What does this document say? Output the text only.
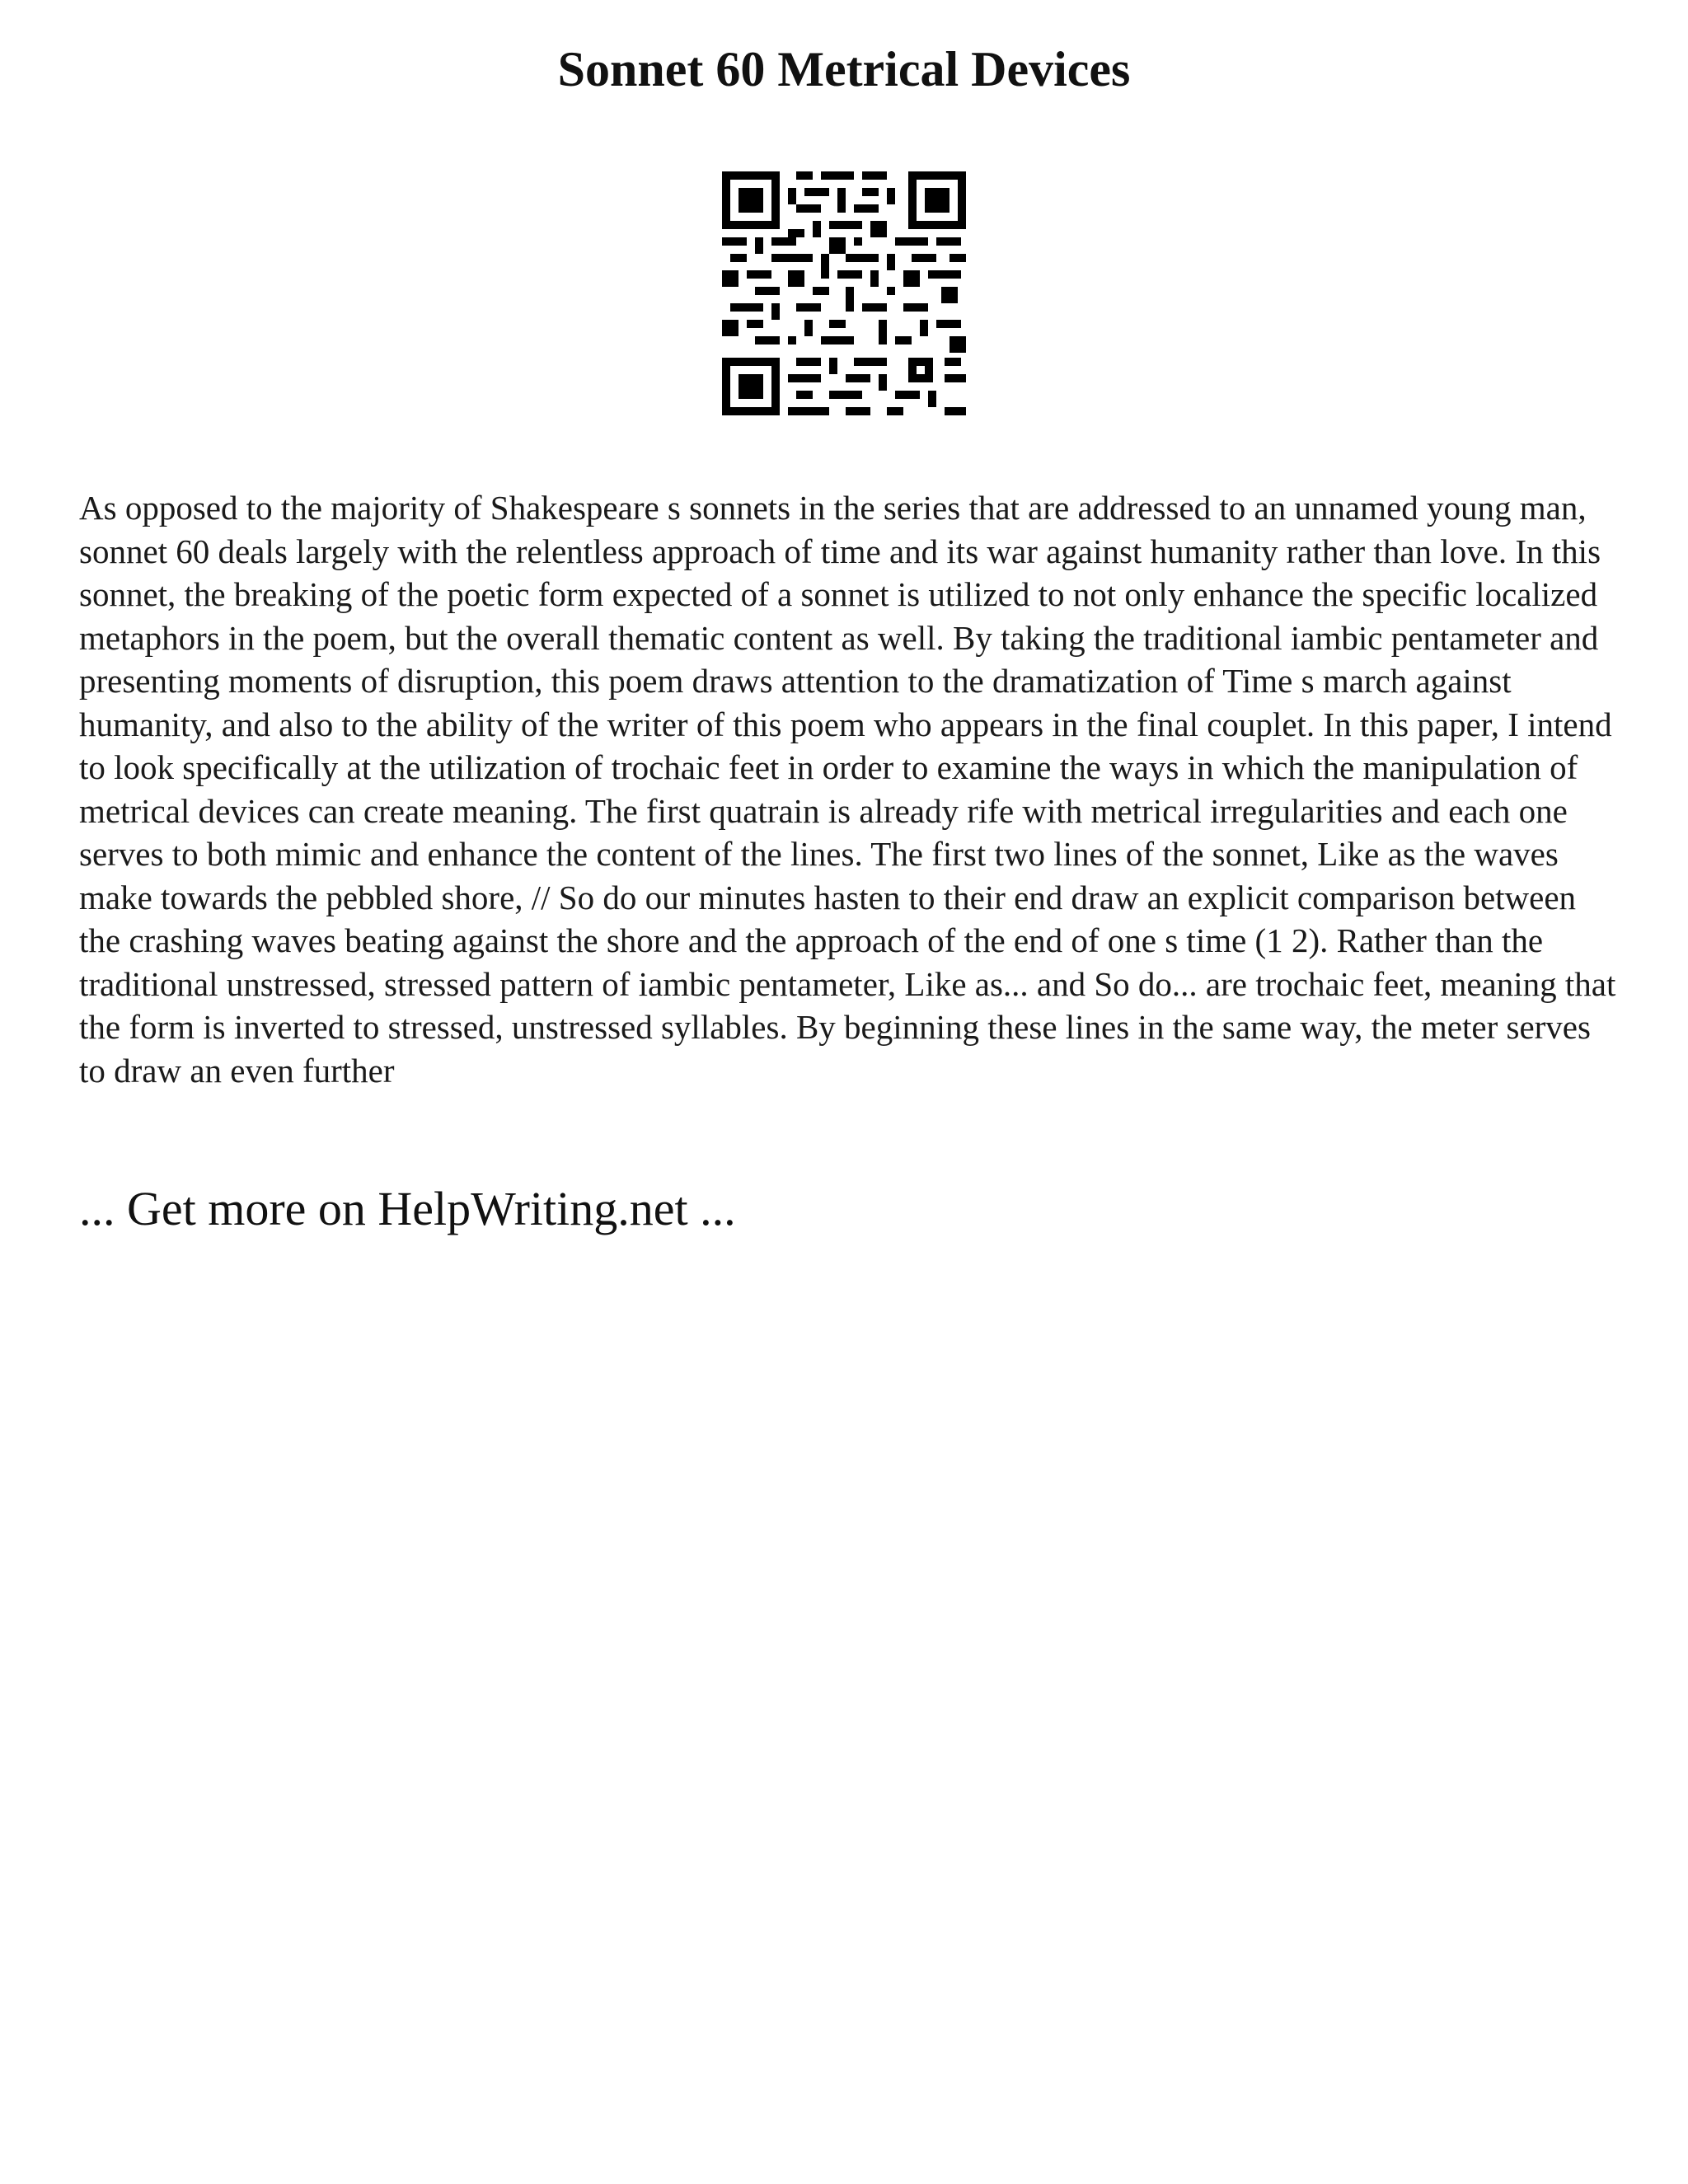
Sonnet 60 Metrical Devices

As opposed to the majority of Shakespeare s sonnets in the series that are addressed to an unnamed young man, sonnet 60 deals largely with the relentless approach of time and its war against humanity rather than love. In this sonnet, the breaking of the poetic form expected of a sonnet is utilized to not only enhance the specific localized metaphors in the poem, but the overall thematic content as well. By taking the traditional iambic pentameter and presenting moments of disruption, this poem draws attention to the dramatization of Time s march against humanity, and also to the ability of the writer of this poem who appears in the final couplet. In this paper, I intend to look specifically at the utilization of trochaic feet in order to examine the ways in which the manipulation of metrical devices can create meaning. The first quatrain is already rife with metrical irregularities and each one serves to both mimic and enhance the content of the lines. The first two lines of the sonnet, Like as the waves make towards the pebbled shore, // So do our minutes hasten to their end draw an explicit comparison between the crashing waves beating against the shore and the approach of the end of one s time (1 2). Rather than the traditional unstressed, stressed pattern of iambic pentameter, Like as... and So do... are trochaic feet, meaning that the form is inverted to stressed, unstressed syllables. By beginning these lines in the same way, the meter serves to draw an even further

... Get more on HelpWriting.net ...
